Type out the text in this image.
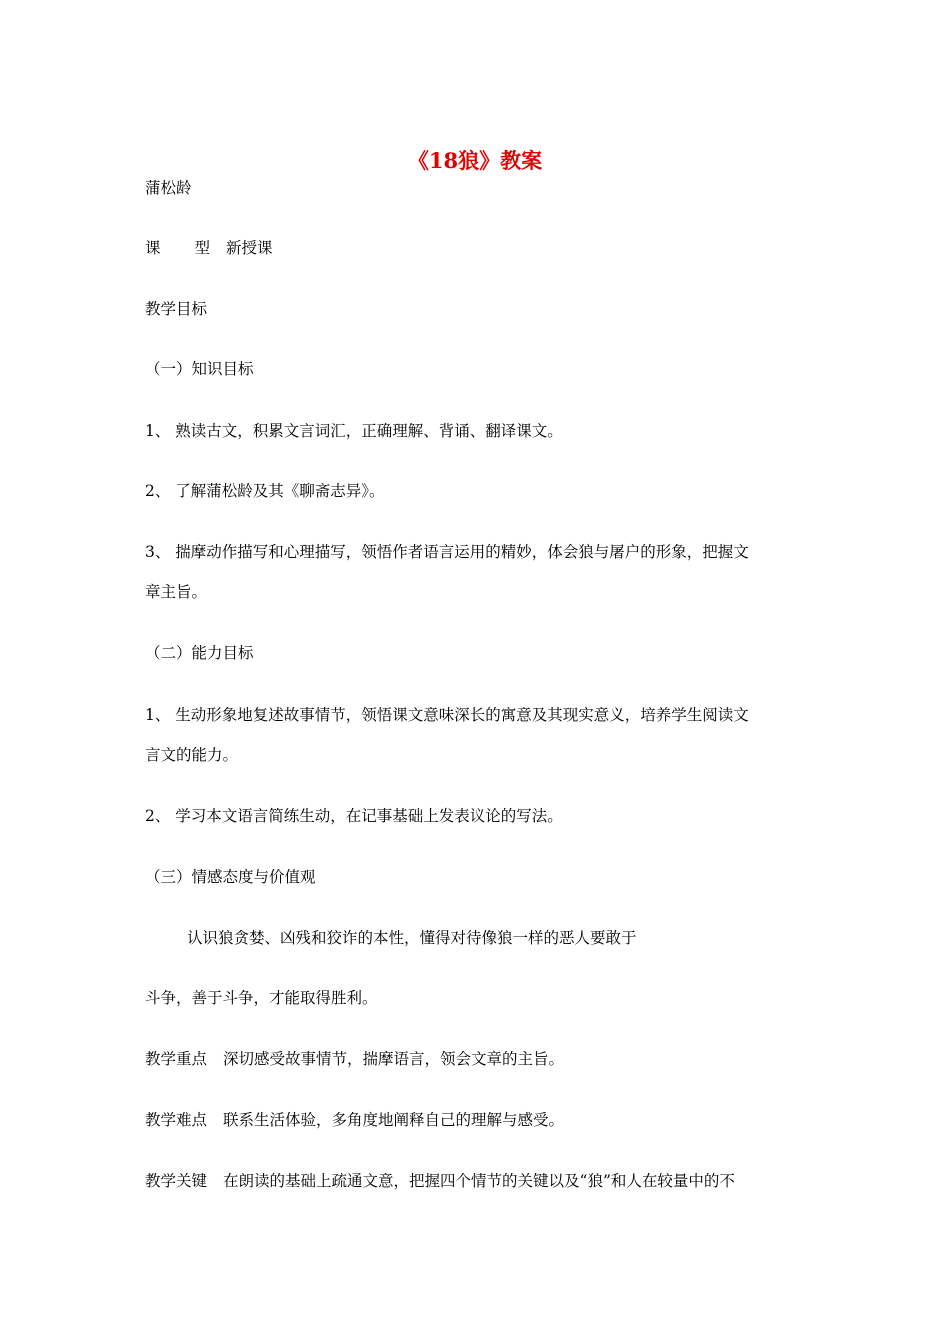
《18狼》教案
蒲松龄
课 型 新授课
教学目标
（一）知识目标
1、 熟读古文，积累文言词汇，正确理解、背诵、翻译课文。
2、 了解蒲松龄及其《聊斋志异》。
3、 揣摩动作描写和心理描写，领悟作者语言运用的精妙，体会狼与屠户的形象，把握文
章主旨。
（二）能力目标
1、 生动形象地复述故事情节，领悟课文意味深长的寓意及其现实意义，培养学生阅读文
言文的能力。
2、 学习本文语言简练生动，在记事基础上发表议论的写法。
（三）情感态度与价值观
认识狼贪婪、凶残和狡诈的本性，懂得对待像狼一样的恶人要敢于
斗争，善于斗争，才能取得胜利。
教学重点 深切感受故事情节，揣摩语言，领会文章的主旨。
教学难点 联系生活体验，多角度地阐释自己的理解与感受。
教学关键 在朗读的基础上疏通文意，把握四个情节的关键以及“狼”和人在较量中的不
